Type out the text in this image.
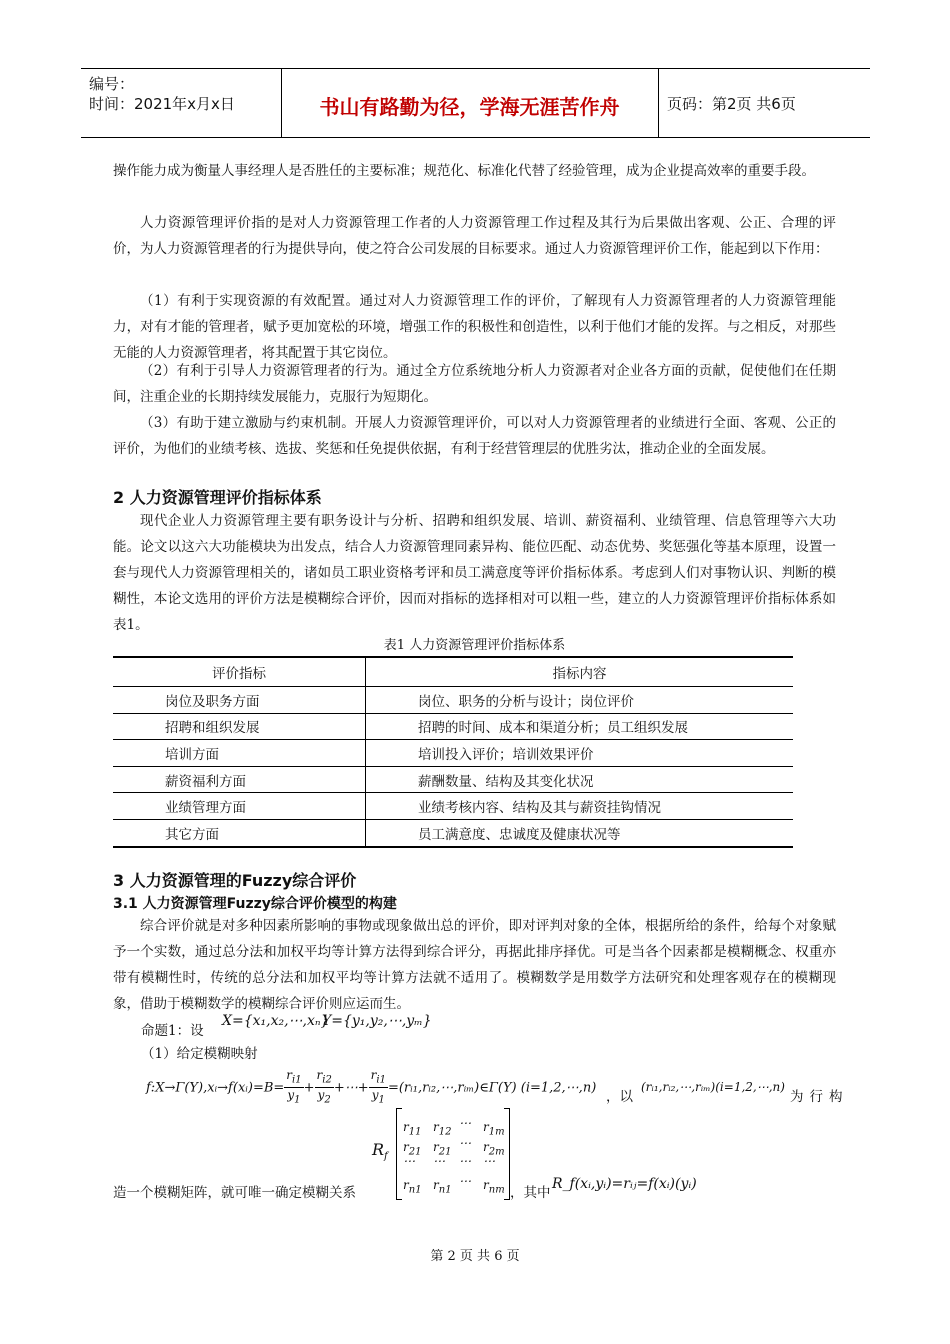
编号：
时间：2021年x月x日	书山有路勤为径，学海无涯苦作舟	页码：第2页 共6页

操作能力成为衡量人事经理人是否胜任的主要标准；规范化、标准化代替了经验管理，成为企业提高效率的重要手段。

人力资源管理评价指的是对人力资源管理工作者的人力资源管理工作过程及其行为后果做出客观、公正、合理的评价，为人力资源管理者的行为提供导向，使之符合公司发展的目标要求。通过人力资源管理评价工作，能起到以下作用：

（1）有利于实现资源的有效配置。通过对人力资源管理工作的评价，了解现有人力资源管理者的人力资源管理能力，对有才能的管理者，赋予更加宽松的环境，增强工作的积极性和创造性，以利于他们才能的发挥。与之相反，对那些无能的人力资源管理者，将其配置于其它岗位。

（2）有利于引导人力资源管理者的行为。通过全方位系统地分析人力资源者对企业各方面的贡献，促使他们在任期间，注重企业的长期持续发展能力，克服行为短期化。

（3）有助于建立激励与约束机制。开展人力资源管理评价，可以对人力资源管理者的业绩进行全面、客观、公正的评价，为他们的业绩考核、选拔、奖惩和任免提供依据，有利于经营管理层的优胜劣汰，推动企业的全面发展。

2 人力资源管理评价指标体系

现代企业人力资源管理主要有职务设计与分析、招聘和组织发展、培训、薪资福利、业绩管理、信息管理等六大功能。论文以这六大功能模块为出发点，结合人力资源管理同素异构、能位匹配、动态优势、奖惩强化等基本原理，设置一套与现代人力资源管理相关的，诸如员工职业资格考评和员工满意度等评价指标体系。考虑到人们对事物认识、判断的模糊性，本论文选用的评价方法是模糊综合评价，因而对指标的选择相对可以粗一些，建立的人力资源管理评价指标体系如表1。

表1 人力资源管理评价指标体系
评价指标	指标内容
岗位及职务方面	岗位、职务的分析与设计；岗位评价
招聘和组织发展	招聘的时间、成本和渠道分析；员工组织发展
培训方面	培训投入评价；培训效果评价
薪资福利方面	薪酬数量、结构及其变化状况
业绩管理方面	业绩考核内容、结构及其与薪资挂钩情况
其它方面	员工满意度、忠诚度及健康状况等
3 人力资源管理的Fuzzy综合评价
3.1 人力资源管理Fuzzy综合评价模型的构建

综合评价就是对多种因素所影响的事物或现象做出总的评价，即对评判对象的全体，根据所给的条件，给每个对象赋予一个实数，通过总分法和加权平均等计算方法得到综合评分，再据此排序择优。可是当各个因素都是模糊概念、权重亦带有模糊性时，传统的总分法和加权平均等计算方法就不适用了。模糊数学是用数学方法研究和处理客观存在的模糊现象，借助于模糊数学的模糊综合评价则应运而生。

命题1：设
X={x₁,x₂,⋯,xₙ}
Y={y₁,y₂,⋯,yₘ}
（1）给定模糊映射
f:X→Γ(Y),xᵢ→f(xᵢ)=B= $\frac{r_{i1}}{y_1} + \frac{r_{i2}}{y_2}$ +⋯+ $\frac{r_{i1}}{y_1}$ =(rᵢ₁,rᵢ₂,⋯,rᵢₘ)∈Γ(Y) (i=1,2,⋯,n)
，以
(rᵢ₁,rᵢ₂,⋯,rᵢₘ)(i=1,2,⋯,n)
为行构
$R_f$
$r_{11}$ $r_{12}$
⋯ $r_{1m}$
$r_{21}$ $r_{21}$
⋯ $r_{2m}$
⋯ ⋯ ⋯ ⋯
$r_{n1}$ $r_{n1}$
⋯ $r_{nm}$
造一个模糊矩阵，就可唯一确定模糊关系	，其中
R_f(xᵢ,yᵢ)=rᵢⱼ=f(xᵢ)(yᵢ)
第 2 页 共 6 页
